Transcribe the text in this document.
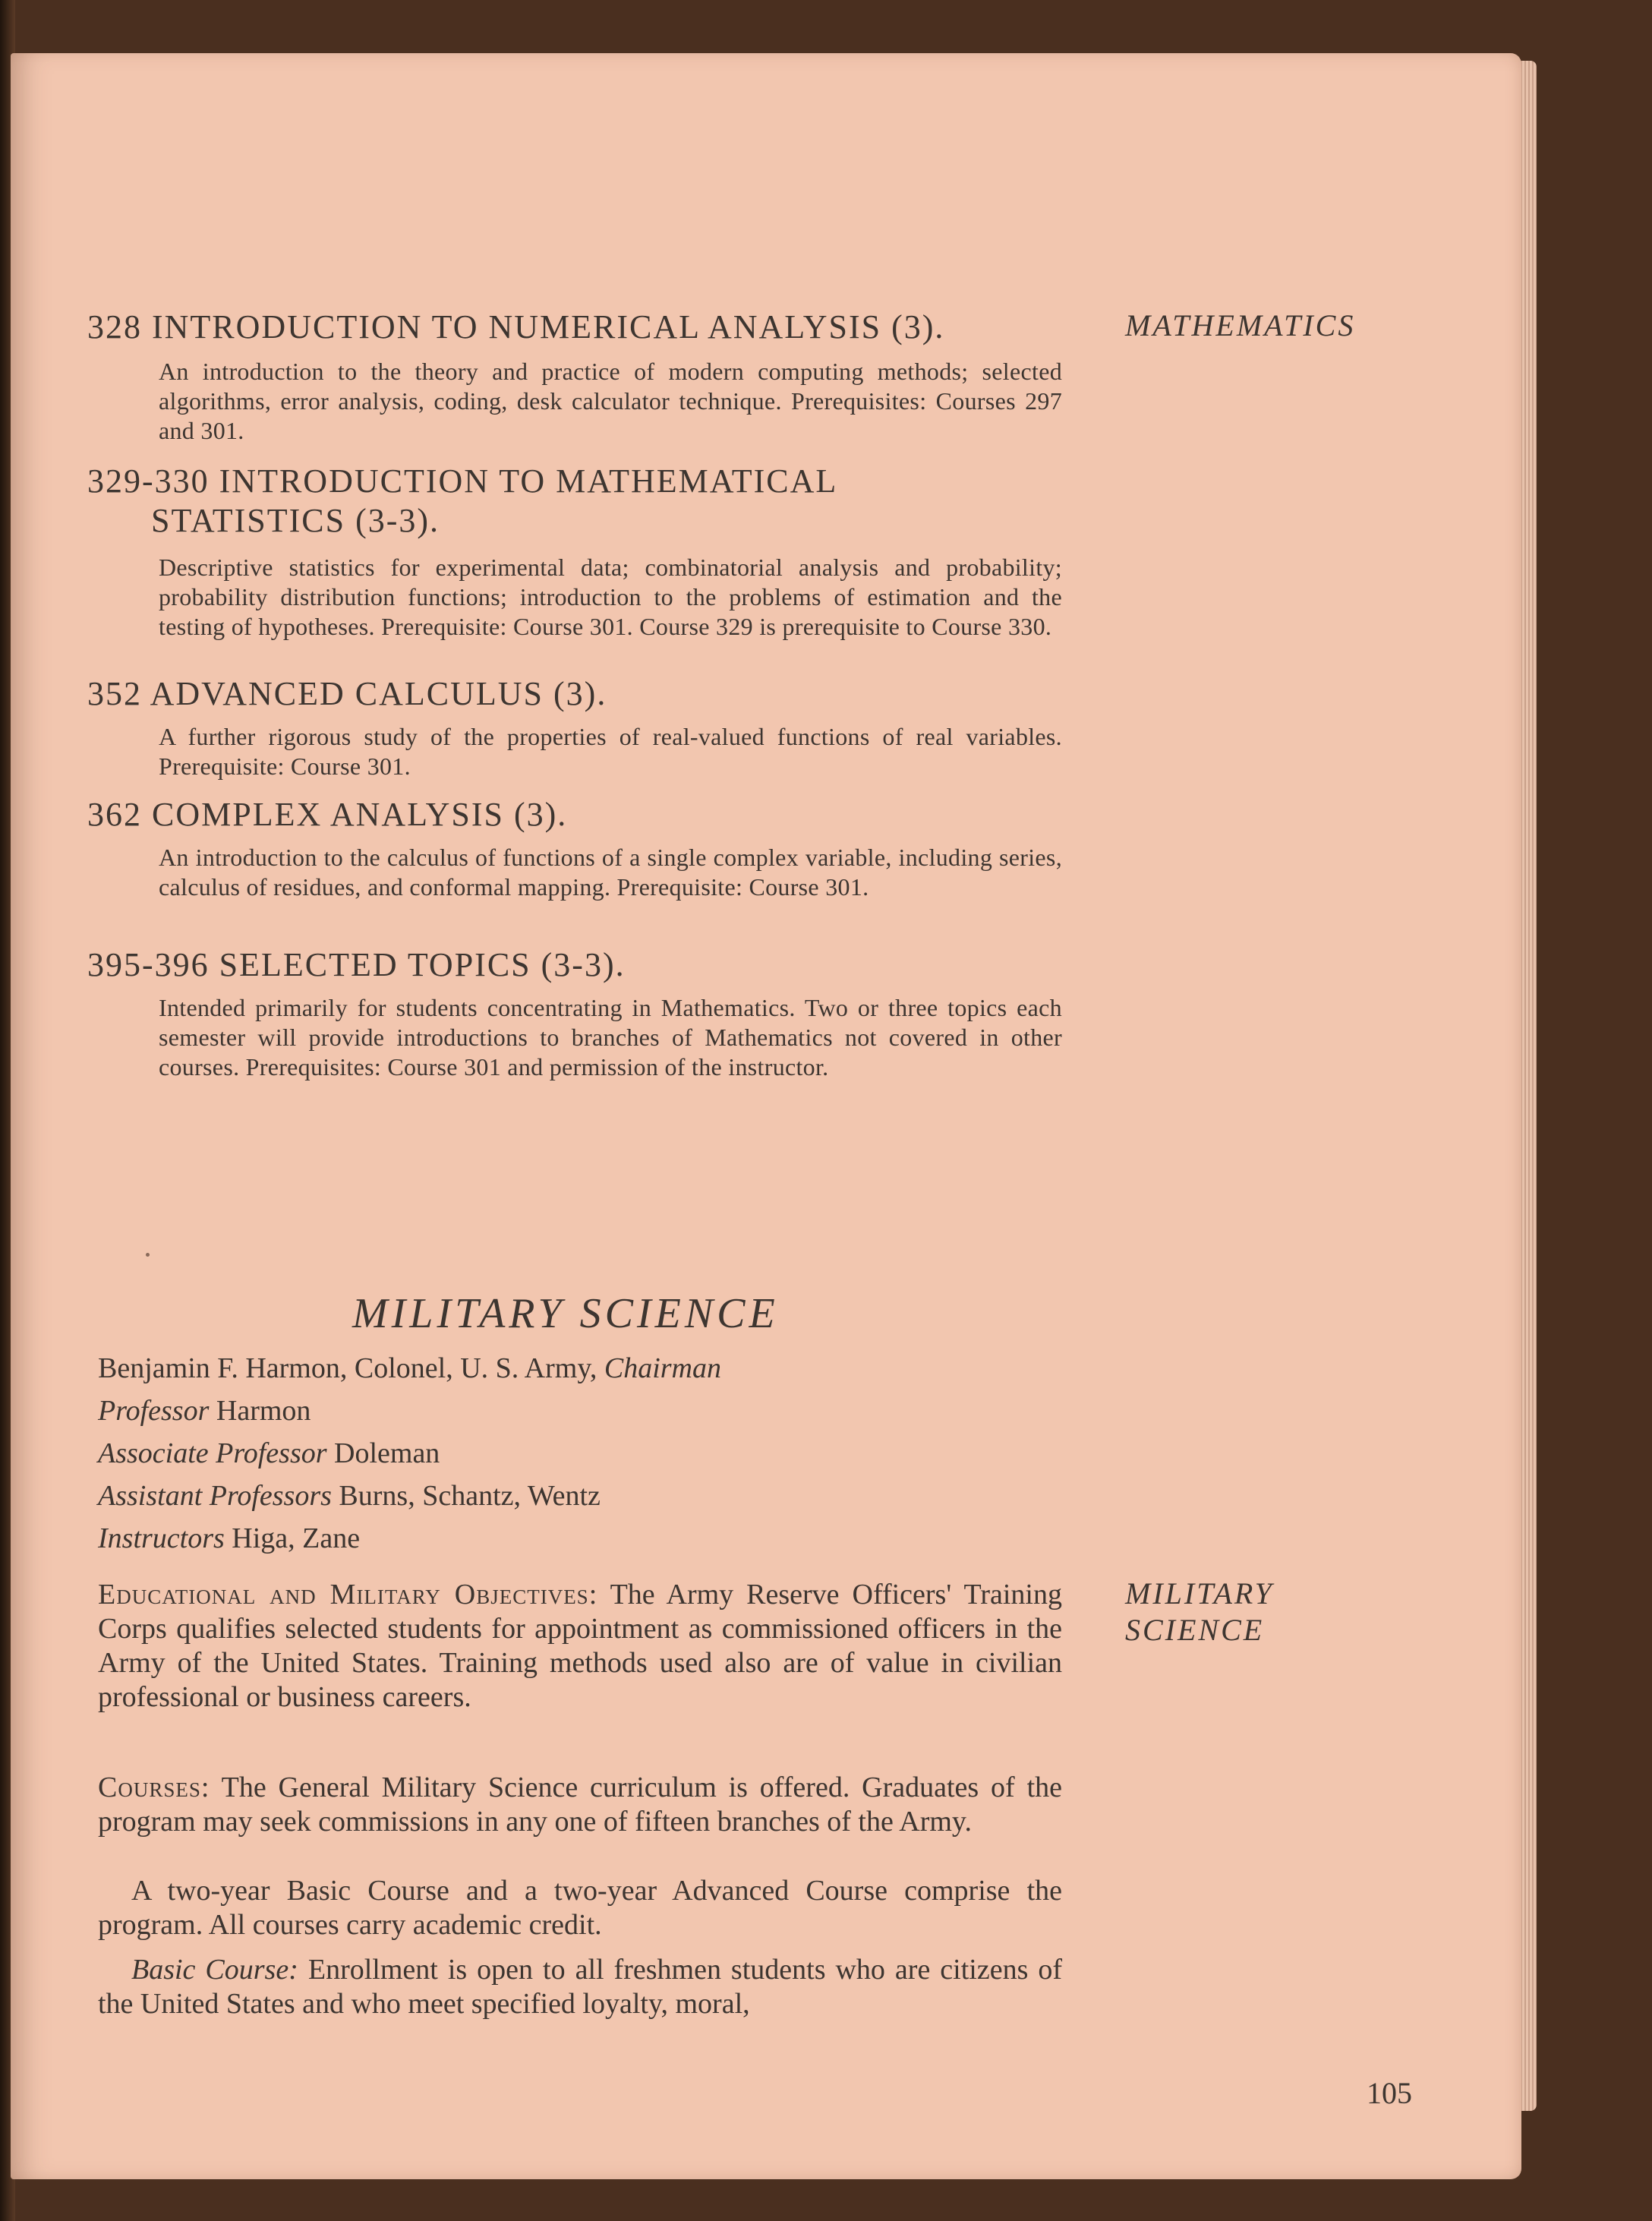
MATHEMATICS
328 INTRODUCTION TO NUMERICAL ANALYSIS (3).
An introduction to the theory and practice of modern computing methods; selected algorithms, error analysis, coding, desk calculator technique. Prerequisites: Courses 297 and 301.
329-330 INTRODUCTION TO MATHEMATICAL
STATISTICS (3-3).
Descriptive statistics for experimental data; combinatorial analysis and probability; probability distribution functions; introduction to the problems of estimation and the testing of hypotheses. Prerequisite: Course 301. Course 329 is prerequisite to Course 330.
352 ADVANCED CALCULUS (3).
A further rigorous study of the properties of real-valued functions of real variables. Prerequisite: Course 301.
362 COMPLEX ANALYSIS (3).
An introduction to the calculus of functions of a single complex variable, including series, calculus of residues, and conformal mapping. Prerequisite: Course 301.
395-396 SELECTED TOPICS (3-3).
Intended primarily for students concentrating in Mathematics. Two or three topics each semester will provide introductions to branches of Mathematics not covered in other courses. Prerequisites: Course 301 and permission of the instructor.
MILITARY SCIENCE
Benjamin F. Harmon, Colonel, U. S. Army, Chairman
Professor Harmon
Associate Professor Doleman
Assistant Professors Burns, Schantz, Wentz
Instructors Higa, Zane
MILITARY
SCIENCE
Educational and Military Objectives: The Army Reserve Officers' Training Corps qualifies selected students for appointment as commissioned officers in the Army of the United States. Training methods used also are of value in civilian professional or business careers.
Courses: The General Military Science curriculum is offered. Graduates of the program may seek commissions in any one of fifteen branches of the Army.
A two-year Basic Course and a two-year Advanced Course comprise the program. All courses carry academic credit.
Basic Course: Enrollment is open to all freshmen students who are citizens of the United States and who meet specified loyalty, moral,
105
